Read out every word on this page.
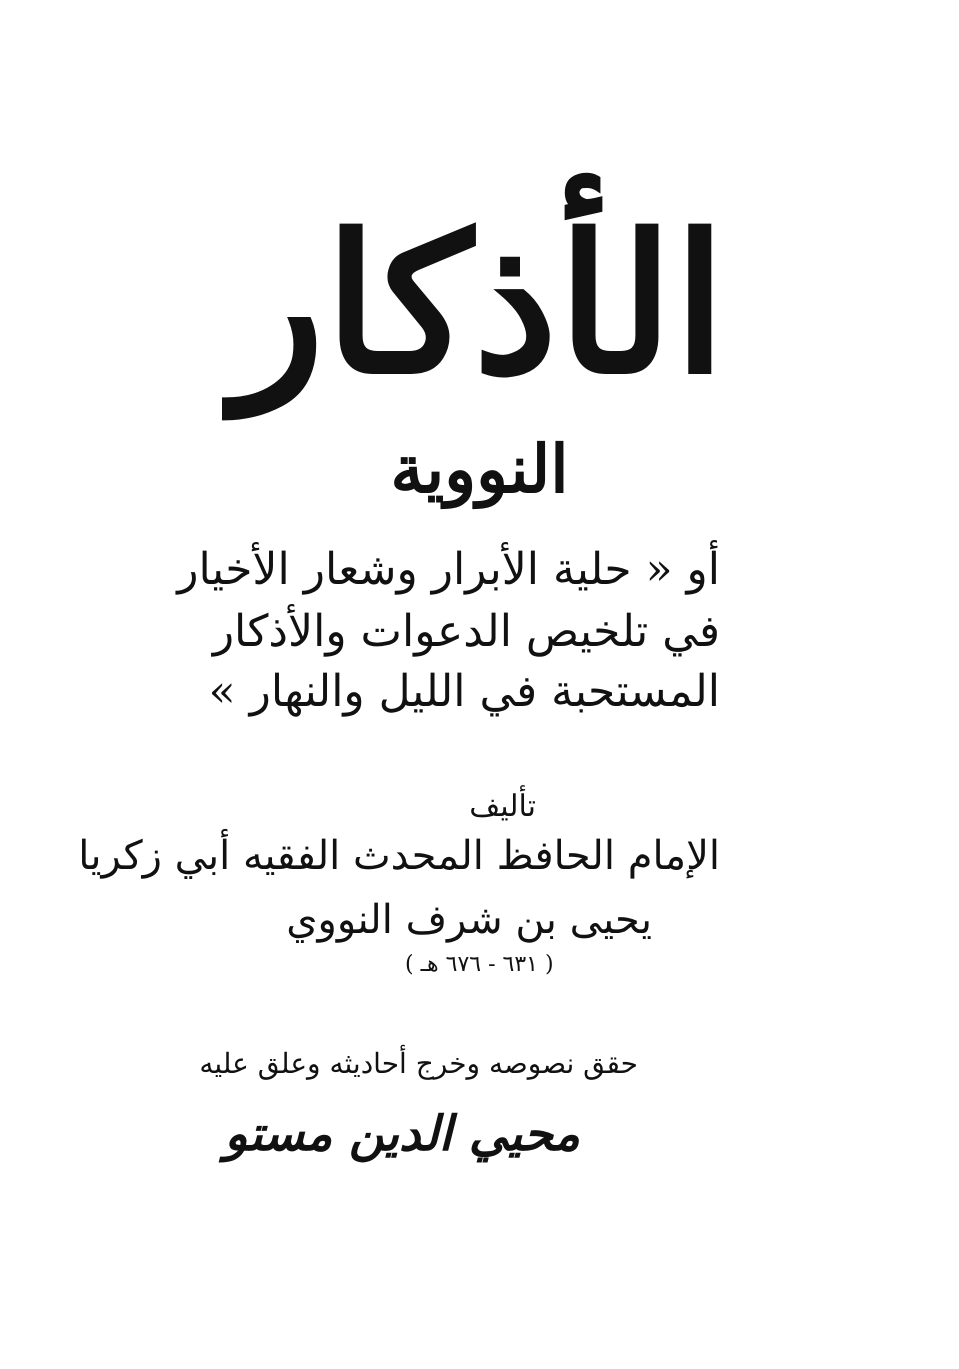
الأذكار
النووية
أو « حلية الأبرار وشعار الأخيار
في تلخيص الدعوات والأذكار
المستحبة في الليل والنهار »
تأليف
الإمام الحافظ المحدث الفقيه أبي زكريا
يحيى بن شرف النووي
( ٦٣١ - ٦٧٦ هـ )
حقق نصوصه وخرج أحاديثه وعلق عليه
محيي الدين مستو
